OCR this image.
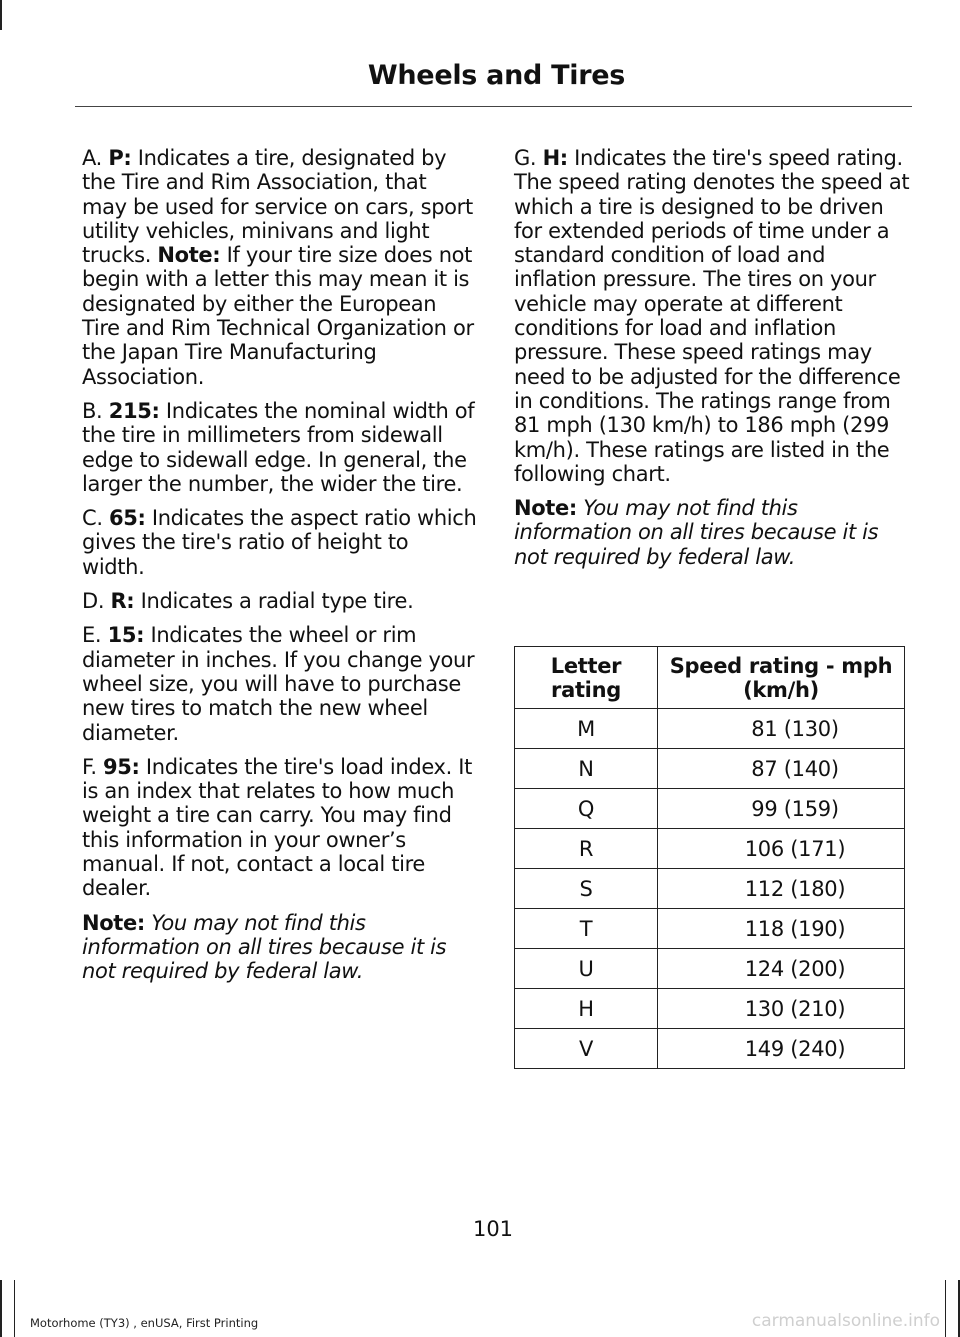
Wheels and Tires

A. P: Indicates a tire, designated by the Tire and Rim Association, that may be used for service on cars, sport utility vehicles, minivans and light trucks. Note: If your tire size does not begin with a letter this may mean it is designated by either the European Tire and Rim Technical Organization or the Japan Tire Manufacturing Association.

B. 215: Indicates the nominal width of the tire in millimeters from sidewall edge to sidewall edge. In general, the larger the number, the wider the tire.

C. 65: Indicates the aspect ratio which gives the tire's ratio of height to width.

D. R: Indicates a radial type tire.

E. 15: Indicates the wheel or rim diameter in inches. If you change your wheel size, you will have to purchase new tires to match the new wheel diameter.

F. 95: Indicates the tire's load index. It is an index that relates to how much weight a tire can carry. You may find this information in your owner’s manual. If not, contact a local tire dealer.

Note: You may not find this information on all tires because it is not required by federal law.

G. H: Indicates the tire's speed rating. The speed rating denotes the speed at which a tire is designed to be driven for extended periods of time under a standard condition of load and inflation pressure. The tires on your vehicle may operate at different conditions for load and inflation pressure. These speed ratings may need to be adjusted for the difference in conditions. The ratings range from 81 mph (130 km/h) to 186 mph (299 km/h). These ratings are listed in the following chart.

Note: You may not find this information on all tires because it is not required by federal law.

Letter rating	Speed rating - mph (km/h)
M	81 (130)
N	87 (140)
Q	99 (159)
R	106 (171)
S	112 (180)
T	118 (190)
U	124 (200)
H	130 (210)
V	149 (240)
101
Motorhome (TY3) , enUSA, First Printing	carmanualsonline.info
